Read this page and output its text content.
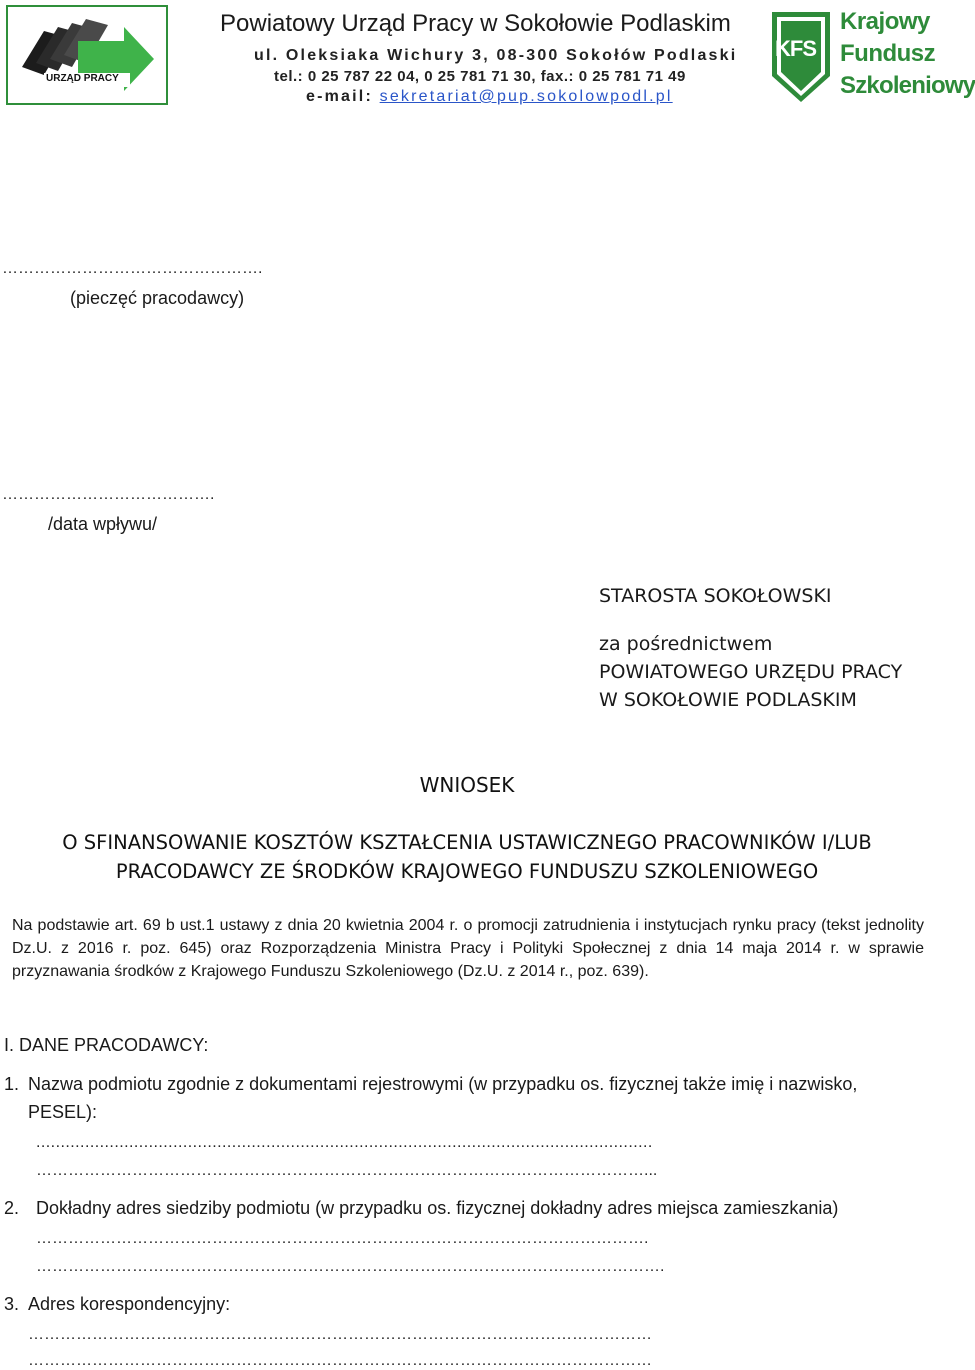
URZĄD PRACY
KFS
Krajowy
Fundusz
Szkoleniowy
Powiatowy Urząd Pracy w Sokołowie Podlaskim
ul. Oleksiaka Wichury 3, 08-300 Sokołów Podlaski
tel.: 0 25 787 22 04, 0 25 781 71 30, fax.: 0 25 781 71 49
e-mail: sekretariat@pup.sokolowpodl.pl
………………………………………….
(pieczęć pracodawcy)
………………………………….
/data wpływu/
STAROSTA SOKOŁOWSKI
za pośrednictwem
POWIATOWEGO URZĘDU PRACY
W SOKOŁOWIE PODLASKIM
WNIOSEK
O SFINANSOWANIE KOSZTÓW KSZTAŁCENIA USTAWICZNEGO PRACOWNIKÓW I/LUB
PRACODAWCY ZE ŚRODKÓW KRAJOWEGO FUNDUSZU SZKOLENIOWEGO
Na podstawie art. 69 b ust.1 ustawy z dnia 20 kwietnia 2004 r. o promocji zatrudnienia i instytucjach rynku pracy (tekst jednolity Dz.U. z 2016 r. poz. 645) oraz Rozporządzenia Ministra Pracy i Polityki Społecznej z dnia 14 maja 2014 r. w sprawie przyznawania środków z Krajowego Funduszu Szkoleniowego (Dz.U. z 2014 r., poz. 639).
I. DANE PRACODAWCY:
1. Nazwa podmiotu zgodnie z dokumentami rejestrowymi (w przypadku os. fizycznej także imię i nazwisko,
PESEL):
..............................................................................................................................
……………………………………………………………………………………………………...
2. Dokładny adres siedziby podmiotu (w przypadku os. fizycznej dokładny adres miejsca zamieszkania)
…………………………………………………………………………………………………….
……………………………………………………………………………………………………….
3. Adres korespondencyjny:
………………………………………………………………………………………………………
………………………………………………………………………………………………………
